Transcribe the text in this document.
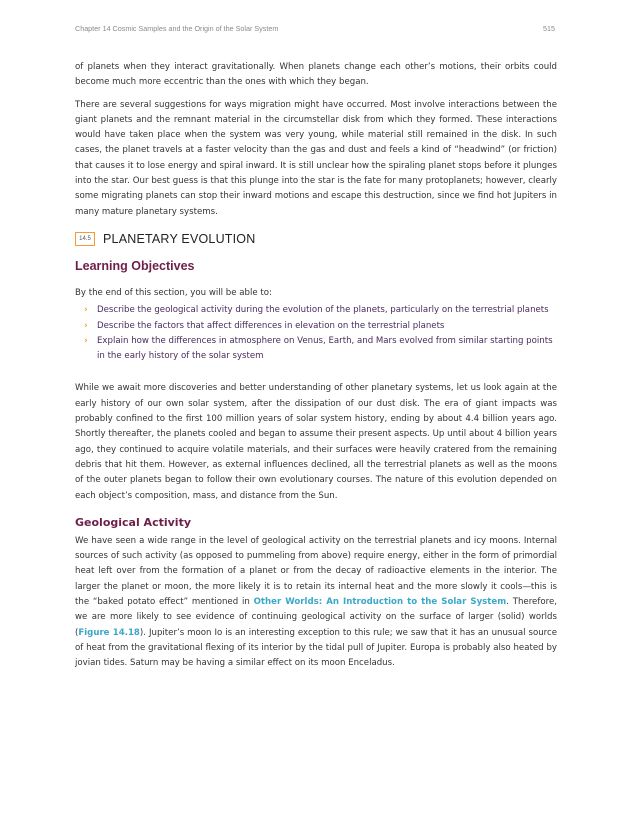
Chapter 14 Cosmic Samples and the Origin of the Solar System	515

of planets when they interact gravitationally. When planets change each other’s motions, their orbits could become much more eccentric than the ones with which they began.

There are several suggestions for ways migration might have occurred. Most involve interactions between the giant planets and the remnant material in the circumstellar disk from which they formed. These interactions would have taken place when the system was very young, while material still remained in the disk. In such cases, the planet travels at a faster velocity than the gas and dust and feels a kind of “headwind” (or friction) that causes it to lose energy and spiral inward. It is still unclear how the spiraling planet stops before it plunges into the star. Our best guess is that this plunge into the star is the fate for many protoplanets; however, clearly some migrating planets can stop their inward motions and escape this destruction, since we find hot Jupiters in many mature planetary systems.

14.5 PLANETARY EVOLUTION
Learning Objectives

By the end of this section, you will be able to:

›	Describe the geological activity during the evolution of the planets, particularly on the terrestrial planets
›	Describe the factors that affect differences in elevation on the terrestrial planets
›	Explain how the differences in atmosphere on Venus, Earth, and Mars evolved from similar starting points in the early history of the solar system

While we await more discoveries and better understanding of other planetary systems, let us look again at the early history of our own solar system, after the dissipation of our dust disk. The era of giant impacts was probably confined to the first 100 million years of solar system history, ending by about 4.4 billion years ago. Shortly thereafter, the planets cooled and began to assume their present aspects. Up until about 4 billion years ago, they continued to acquire volatile materials, and their surfaces were heavily cratered from the remaining debris that hit them. However, as external influences declined, all the terrestrial planets as well as the moons of the outer planets began to follow their own evolutionary courses. The nature of this evolution depended on each object’s composition, mass, and distance from the Sun.

Geological Activity

We have seen a wide range in the level of geological activity on the terrestrial planets and icy moons. Internal sources of such activity (as opposed to pummeling from above) require energy, either in the form of primordial heat left over from the formation of a planet or from the decay of radioactive elements in the interior. The larger the planet or moon, the more likely it is to retain its internal heat and the more slowly it cools—this is the “baked potato effect” mentioned in Other Worlds: An Introduction to the Solar System. Therefore, we are more likely to see evidence of continuing geological activity on the surface of larger (solid) worlds (Figure 14.18). Jupiter’s moon Io is an interesting exception to this rule; we saw that it has an unusual source of heat from the gravitational flexing of its interior by the tidal pull of Jupiter. Europa is probably also heated by jovian tides. Saturn may be having a similar effect on its moon Enceladus.
